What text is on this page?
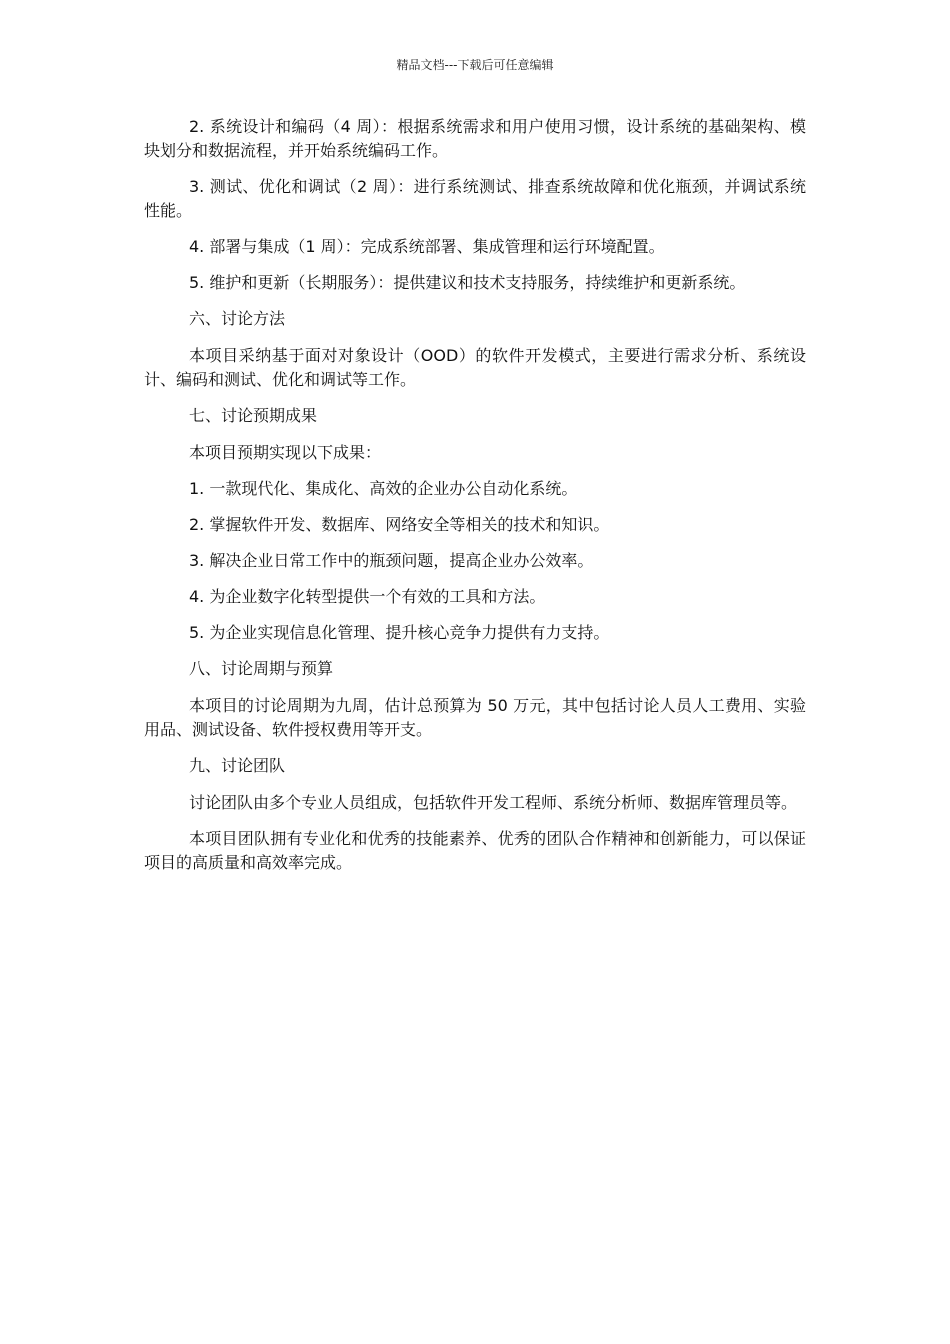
精品文档---下载后可任意编辑

2. 系统设计和编码（4 周）：根据系统需求和用户使用习惯，设计系统的基础架构、模块划分和数据流程，并开始系统编码工作。

3. 测试、优化和调试（2 周）：进行系统测试、排查系统故障和优化瓶颈，并调试系统性能。

4. 部署与集成（1 周）：完成系统部署、集成管理和运行环境配置。

5. 维护和更新（长期服务）：提供建议和技术支持服务，持续维护和更新系统。

六、讨论方法

本项目采纳基于面对对象设计（OOD）的软件开发模式，主要进行需求分析、系统设计、编码和测试、优化和调试等工作。

七、讨论预期成果

本项目预期实现以下成果：

1. 一款现代化、集成化、高效的企业办公自动化系统。

2. 掌握软件开发、数据库、网络安全等相关的技术和知识。

3. 解决企业日常工作中的瓶颈问题，提高企业办公效率。

4. 为企业数字化转型提供一个有效的工具和方法。

5. 为企业实现信息化管理、提升核心竞争力提供有力支持。

八、讨论周期与预算

本项目的讨论周期为九周，估计总预算为 50 万元，其中包括讨论人员人工费用、实验用品、测试设备、软件授权费用等开支。

九、讨论团队

讨论团队由多个专业人员组成，包括软件开发工程师、系统分析师、数据库管理员等。

本项目团队拥有专业化和优秀的技能素养、优秀的团队合作精神和创新能力，可以保证项目的高质量和高效率完成。
